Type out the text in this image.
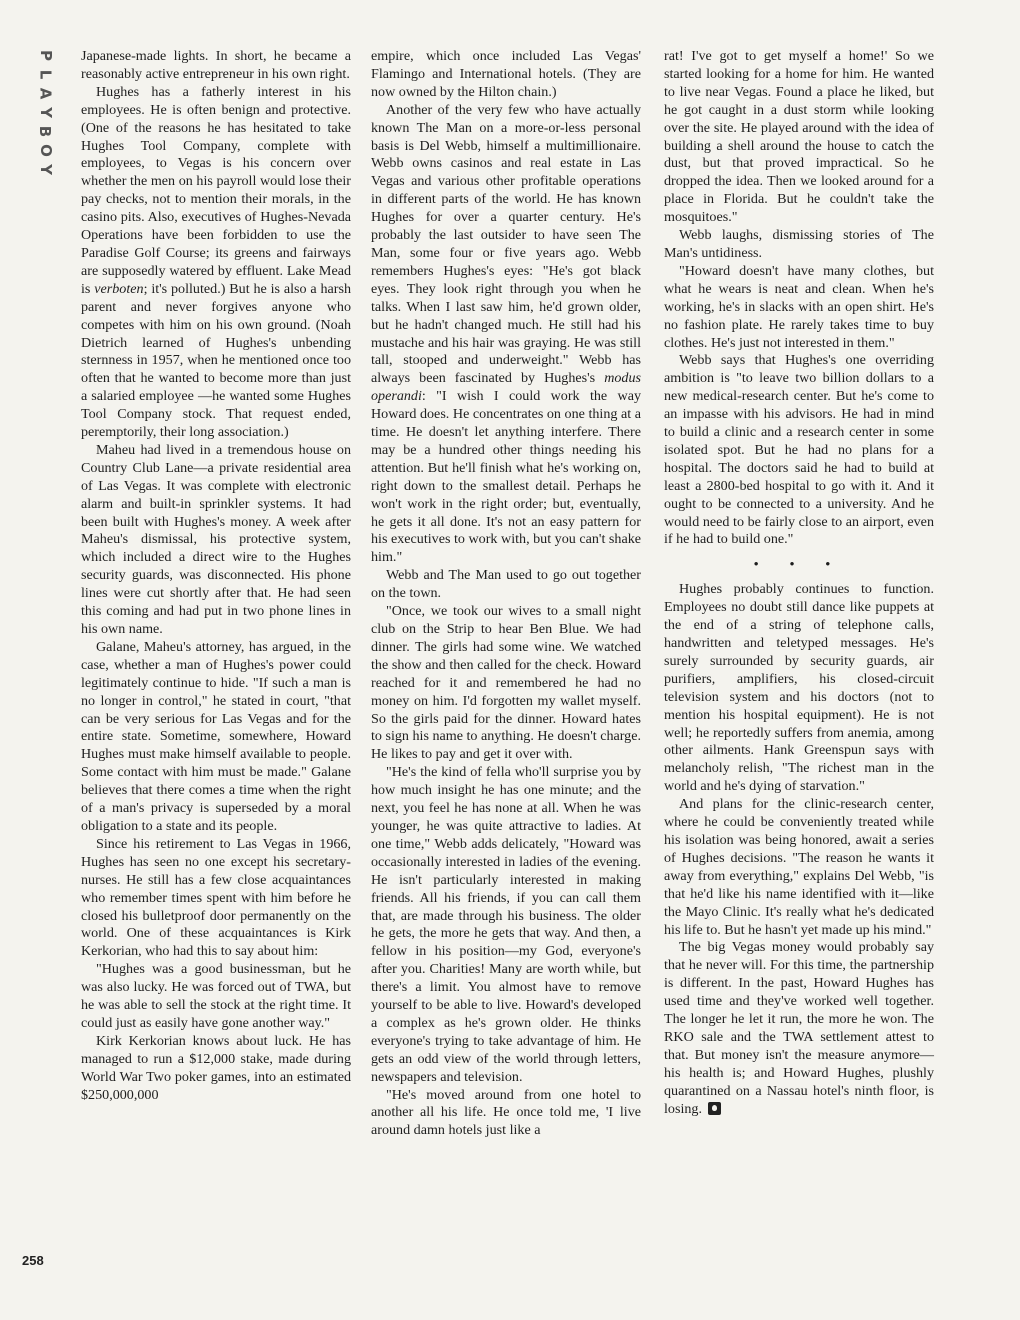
P
L
A
Y
B
O
Y
258

Japanese-made lights. In short, he became a reasonably active entrepreneur in his own right.

Hughes has a fatherly interest in his employees. He is often benign and protective. (One of the reasons he has hesitated to take Hughes Tool Company, complete with employees, to Vegas is his concern over whether the men on his payroll would lose their pay checks, not to mention their morals, in the casino pits. Also, executives of Hughes-Nevada Operations have been forbidden to use the Paradise Golf Course; its greens and fairways are supposedly watered by effluent. Lake Mead is verboten; it's polluted.) But he is also a harsh parent and never forgives anyone who competes with him on his own ground. (Noah Dietrich learned of Hughes's unbending sternness in 1957, when he mentioned once too often that he wanted to become more than just a salaried employee —he wanted some Hughes Tool Company stock. That request ended, peremptorily, their long association.)

Maheu had lived in a tremendous house on Country Club Lane—a private residential area of Las Vegas. It was complete with electronic alarm and built-in sprinkler systems. It had been built with Hughes's money. A week after Maheu's dismissal, his protective system, which included a direct wire to the Hughes security guards, was disconnected. His phone lines were cut shortly after that. He had seen this coming and had put in two phone lines in his own name.

Galane, Maheu's attorney, has argued, in the case, whether a man of Hughes's power could legitimately continue to hide. "If such a man is no longer in control," he stated in court, "that can be very serious for Las Vegas and for the entire state. Sometime, somewhere, Howard Hughes must make himself available to people. Some contact with him must be made." Galane believes that there comes a time when the right of a man's privacy is superseded by a moral obligation to a state and its people.

Since his retirement to Las Vegas in 1966, Hughes has seen no one except his secretary-nurses. He still has a few close acquaintances who remember times spent with him before he closed his bulletproof door permanently on the world. One of these acquaintances is Kirk Kerkorian, who had this to say about him:

"Hughes was a good businessman, but he was also lucky. He was forced out of TWA, but he was able to sell the stock at the right time. It could just as easily have gone another way."

Kirk Kerkorian knows about luck. He has managed to run a $12,000 stake, made during World War Two poker games, into an estimated $250,000,000

empire, which once included Las Vegas' Flamingo and International hotels. (They are now owned by the Hilton chain.)

Another of the very few who have actually known The Man on a more-or-less personal basis is Del Webb, himself a multimillionaire. Webb owns casinos and real estate in Las Vegas and various other profitable operations in different parts of the world. He has known Hughes for over a quarter century. He's probably the last outsider to have seen The Man, some four or five years ago. Webb remembers Hughes's eyes: "He's got black eyes. They look right through you when he talks. When I last saw him, he'd grown older, but he hadn't changed much. He still had his mustache and his hair was graying. He was still tall, stooped and underweight." Webb has always been fascinated by Hughes's modus operandi: "I wish I could work the way Howard does. He concentrates on one thing at a time. He doesn't let anything interfere. There may be a hundred other things needing his attention. But he'll finish what he's working on, right down to the smallest detail. Perhaps he won't work in the right order; but, eventually, he gets it all done. It's not an easy pattern for his executives to work with, but you can't shake him."

Webb and The Man used to go out together on the town.

"Once, we took our wives to a small night club on the Strip to hear Ben Blue. We had dinner. The girls had some wine. We watched the show and then called for the check. Howard reached for it and remembered he had no money on him. I'd forgotten my wallet myself. So the girls paid for the dinner. Howard hates to sign his name to anything. He doesn't charge. He likes to pay and get it over with.

"He's the kind of fella who'll surprise you by how much insight he has one minute; and the next, you feel he has none at all. When he was younger, he was quite attractive to ladies. At one time," Webb adds delicately, "Howard was occasionally interested in ladies of the evening. He isn't particularly interested in making friends. All his friends, if you can call them that, are made through his business. The older he gets, the more he gets that way. And then, a fellow in his position—my God, everyone's after you. Charities! Many are worth while, but there's a limit. You almost have to remove yourself to be able to live. Howard's developed a complex as he's grown older. He thinks everyone's trying to take advantage of him. He gets an odd view of the world through letters, newspapers and television.

"He's moved around from one hotel to another all his life. He once told me, 'I live around damn hotels just like a

rat! I've got to get myself a home!' So we started looking for a home for him. He wanted to live near Vegas. Found a place he liked, but he got caught in a dust storm while looking over the site. He played around with the idea of building a shell around the house to catch the dust, but that proved impractical. So he dropped the idea. Then we looked around for a place in Florida. But he couldn't take the mosquitoes."

Webb laughs, dismissing stories of The Man's untidiness.

"Howard doesn't have many clothes, but what he wears is neat and clean. When he's working, he's in slacks with an open shirt. He's no fashion plate. He rarely takes time to buy clothes. He's just not interested in them."

Webb says that Hughes's one overriding ambition is "to leave two billion dollars to a new medical-research center. But he's come to an impasse with his advisors. He had in mind to build a clinic and a research center in some isolated spot. But he had no plans for a hospital. The doctors said he had to build at least a 2800-bed hospital to go with it. And it ought to be connected to a university. And he would need to be fairly close to an airport, even if he had to build one."

• • •

Hughes probably continues to function. Employees no doubt still dance like puppets at the end of a string of telephone calls, handwritten and teletyped messages. He's surely surrounded by security guards, air purifiers, amplifiers, his closed-circuit television system and his doctors (not to mention his hospital equipment). He is not well; he reportedly suffers from anemia, among other ailments. Hank Greenspun says with melancholy relish, "The richest man in the world and he's dying of starvation."

And plans for the clinic-research center, where he could be conveniently treated while his isolation was being honored, await a series of Hughes decisions. "The reason he wants it away from everything," explains Del Webb, "is that he'd like his name identified with it—like the Mayo Clinic. It's really what he's dedicated his life to. But he hasn't yet made up his mind."

The big Vegas money would probably say that he never will. For this time, the partnership is different. In the past, Howard Hughes has used time and they've worked well together. The longer he let it run, the more he won. The RKO sale and the TWA settlement attest to that. But money isn't the measure anymore—his health is; and Howard Hughes, plushly quarantined on a Nassau hotel's ninth floor, is losing.
